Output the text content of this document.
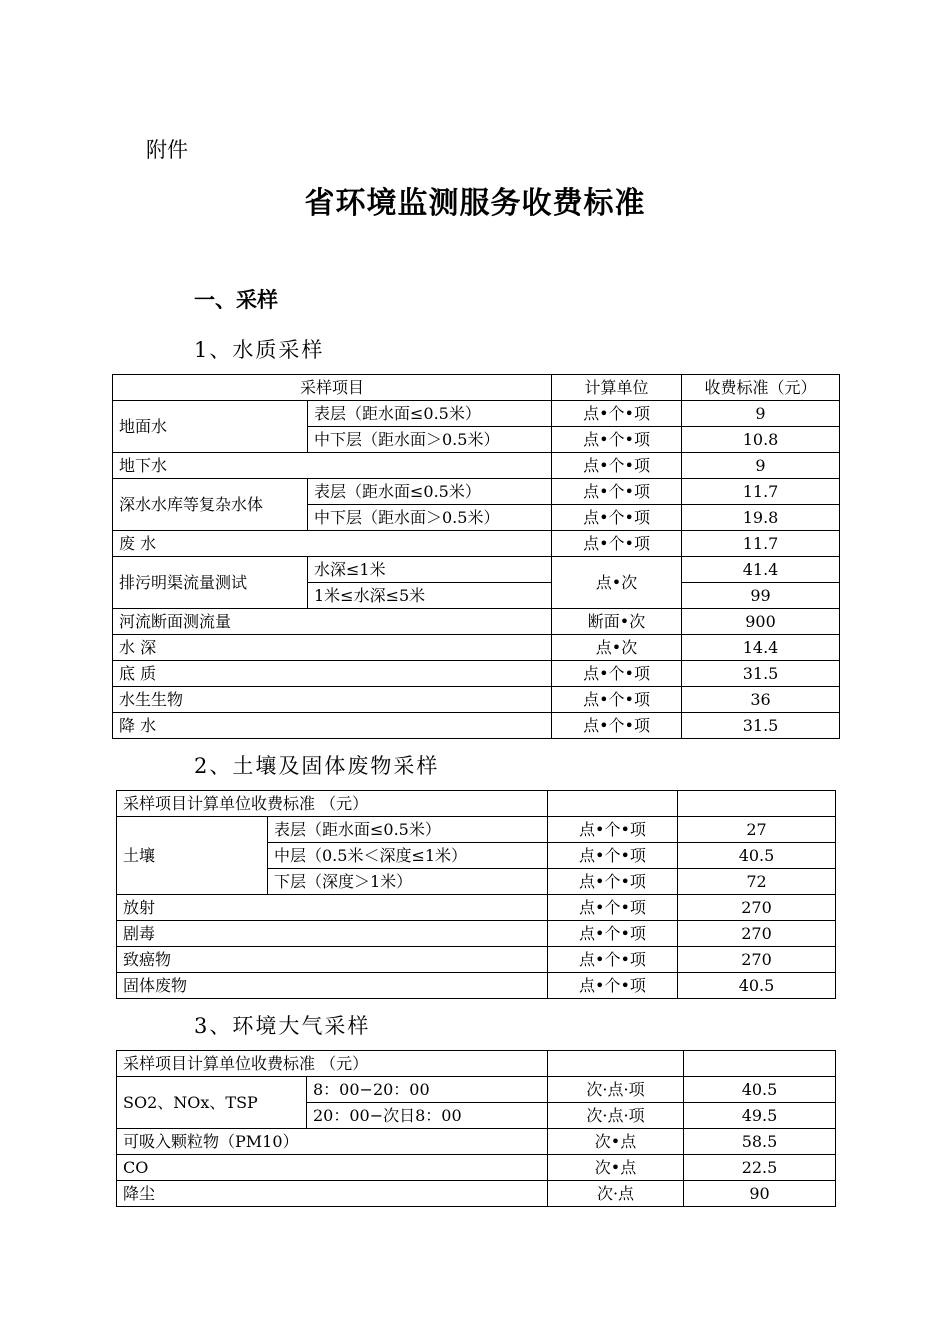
附件
省环境监测服务收费标准
一、采样
1、水质采样
采样项目		计算单位	收费标准（元）
地面水	表层（距水面≤0.5米）	点•个•项	9
	中下层（距水面＞0.5米）	点•个•项	10.8
地下水		点•个•项	9
深水水库等复杂水体	表层（距水面≤0.5米）	点•个•项	11.7
	中下层（距水面＞0.5米）	点•个•项	19.8
废 水		点•个•项	11.7
排污明渠流量测试	水深≤1米	点•次	41.4
	1米≤水深≤5米		99
河流断面测流量		断面•次	900
水 深		点•次	14.4
底 质		点•个•项	31.5
水生生物		点•个•项	36
降 水		点•个•项	31.5
2、土壤及固体废物采样
采样项目计算单位收费标准 （元）			
土壤	表层（距水面≤0.5米）	点•个•项	27
	中层（0.5米＜深度≤1米）	点•个•项	40.5
	下层（深度＞1米）	点•个•项	72
放射		点•个•项	270
剧毒		点•个•项	270
致癌物		点•个•项	270
固体废物		点•个•项	40.5
3、环境大气采样
采样项目计算单位收费标准 （元）			
SO2、NOx、TSP	8：00−20：00	次·点·项	40.5
	20：00−次日8：00	次·点·项	49.5
可吸入颗粒物（PM10）		次•点	58.5
CO		次•点	22.5
降尘		次·点	90
